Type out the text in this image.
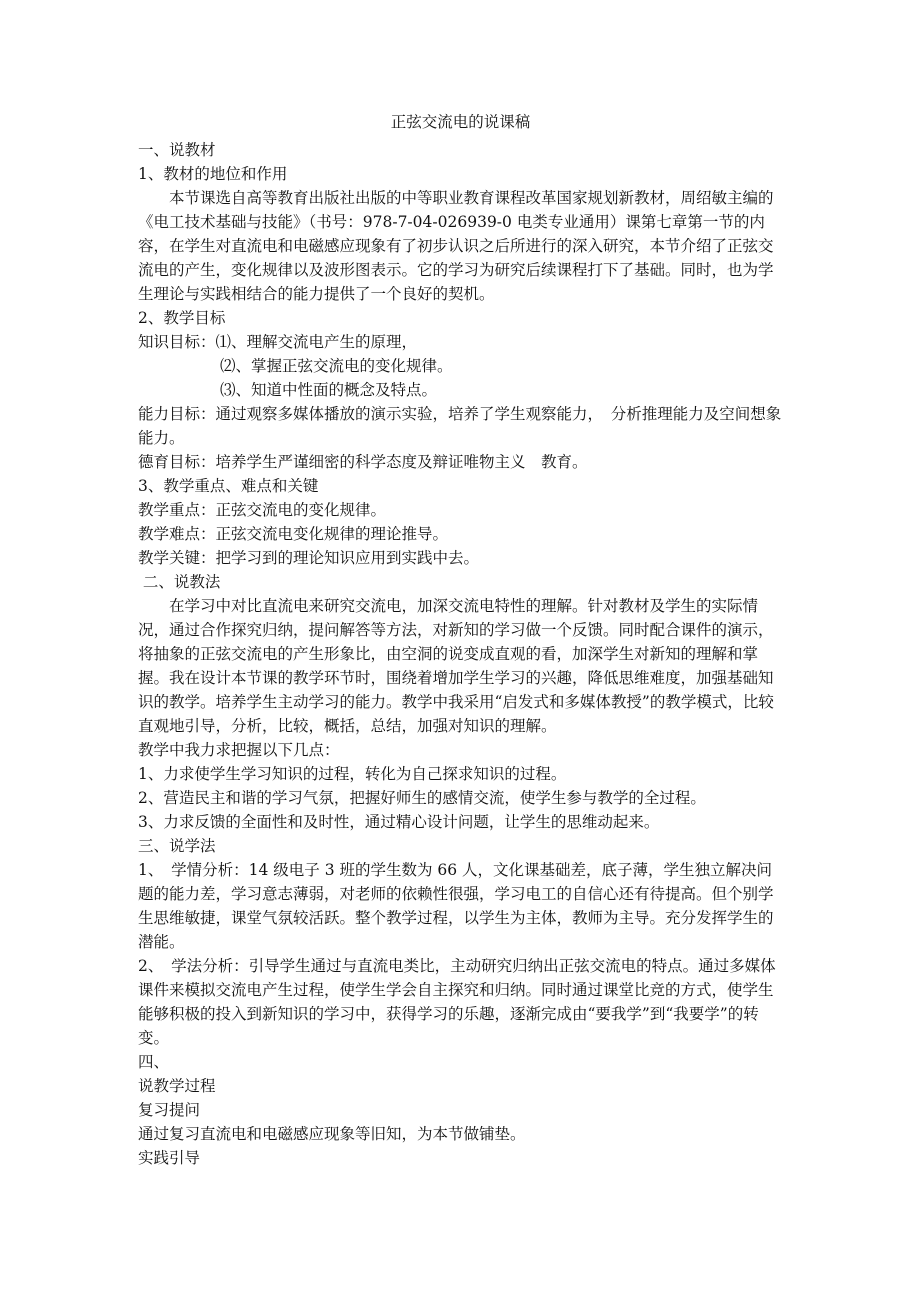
正弦交流电的说课稿

一、说教材

1、教材的地位和作用

本节课选自高等教育出版社出版的中等职业教育课程改革国家规划新教材，周绍敏主编的《电工技术基础与技能》（书号：978-7-04-026939-0 电类专业通用）课第七章第一节的内容，在学生对直流电和电磁感应现象有了初步认识之后所进行的深入研究，本节介绍了正弦交流电的产生，变化规律以及波形图表示。它的学习为研究后续课程打下了基础。同时，也为学生理论与实践相结合的能力提供了一个良好的契机。

2、教学目标

知识目标：⑴、理解交流电产生的原理，

⑵、掌握正弦交流电的变化规律。

⑶、知道中性面的概念及特点。

能力目标：通过观察多媒体播放的演示实验，培养了学生观察能力，　分析推理能力及空间想象能力。

德育目标：培养学生严谨细密的科学态度及辩证唯物主义　教育。

3、教学重点、难点和关键

教学重点：正弦交流电的变化规律。

教学难点：正弦交流电变化规律的理论推导。

教学关键：把学习到的理论知识应用到实践中去。

二、说教法

在学习中对比直流电来研究交流电，加深交流电特性的理解。针对教材及学生的实际情况，通过合作探究归纳，提问解答等方法，对新知的学习做一个反馈。同时配合课件的演示，将抽象的正弦交流电的产生形象比，由空洞的说变成直观的看，加深学生对新知的理解和掌握。我在设计本节课的教学环节时，围绕着增加学生学习的兴趣，降低思维难度，加强基础知识的教学。培养学生主动学习的能力。教学中我采用“启发式和多媒体教授”的教学模式，比较直观地引导，分析，比较，概括，总结，加强对知识的理解。

教学中我力求把握以下几点：

1、力求使学生学习知识的过程，转化为自己探求知识的过程。

2、营造民主和谐的学习气氛，把握好师生的感情交流，使学生参与教学的全过程。

3、力求反馈的全面性和及时性，通过精心设计问题，让学生的思维动起来。

三、说学法

1、　学情分析：14 级电子 3 班的学生数为 66 人，文化课基础差，底子薄，学生独立解决问题的能力差，学习意志薄弱，对老师的依赖性很强，学习电工的自信心还有待提高。但个别学生思维敏捷，课堂气氛较活跃。整个教学过程，以学生为主体，教师为主导。充分发挥学生的潜能。

2、　学法分析：引导学生通过与直流电类比，主动研究归纳出正弦交流电的特点。通过多媒体课件来模拟交流电产生过程，使学生学会自主探究和归纳。同时通过课堂比竞的方式，使学生能够积极的投入到新知识的学习中，获得学习的乐趣，逐渐完成由“要我学”到“我要学”的转变。

四、

说教学过程

复习提问

通过复习直流电和电磁感应现象等旧知，为本节做铺垫。

实践引导
